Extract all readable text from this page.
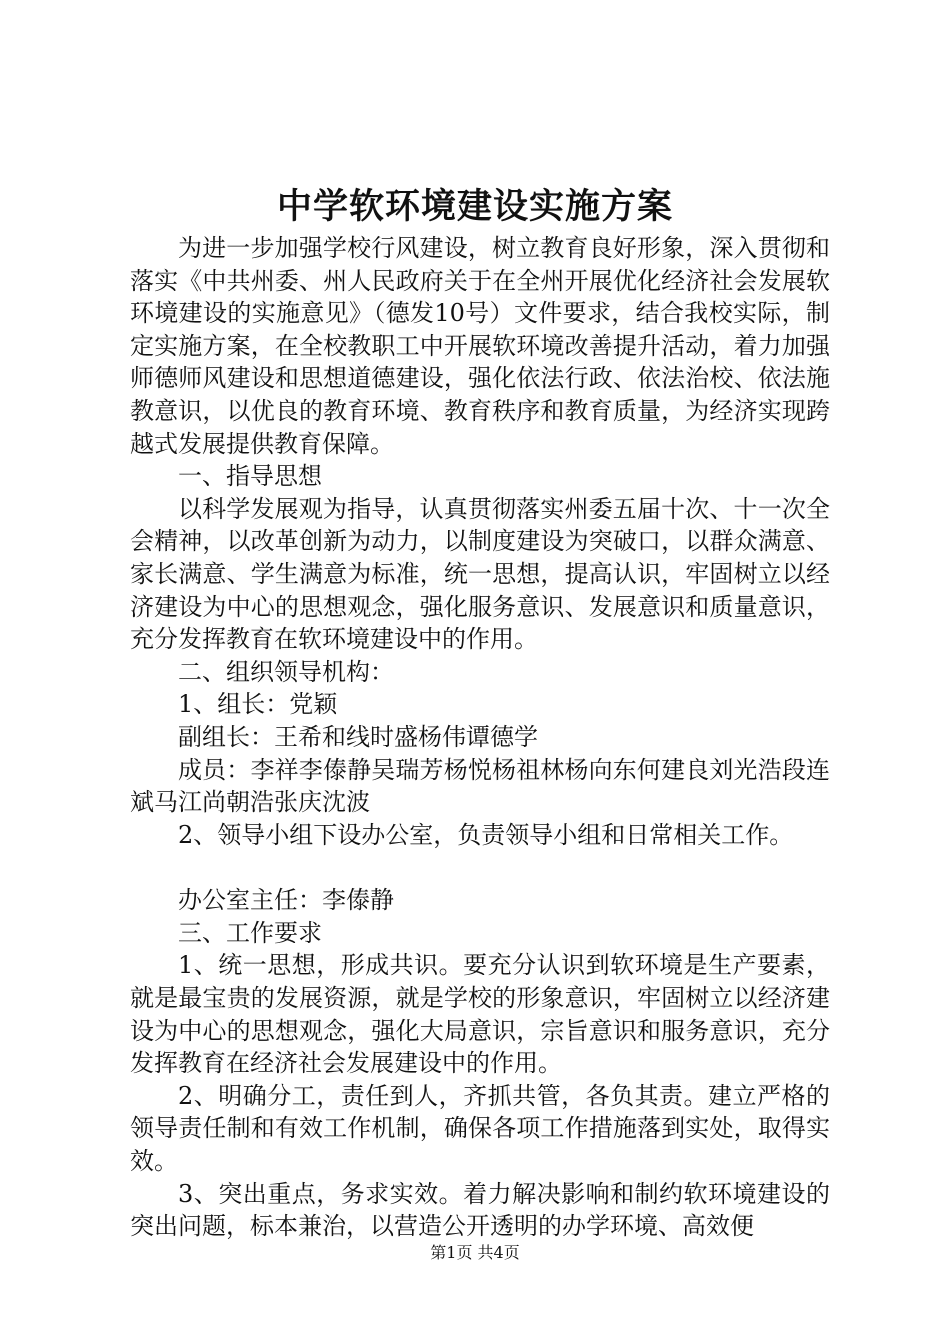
中学软环境建设实施方案

为进一步加强学校行风建设，树立教育良好形象，深入贯彻和落实《中共州委、州人民政府关于在全州开展优化经济社会发展软环境建设的实施意见》（德发10号）文件要求，结合我校实际，制定实施方案，在全校教职工中开展软环境改善提升活动，着力加强师德师风建设和思想道德建设，强化依法行政、依法治校、依法施教意识，以优良的教育环境、教育秩序和教育质量，为经济实现跨越式发展提供教育保障。

一、指导思想

以科学发展观为指导，认真贯彻落实州委五届十次、十一次全会精神，以改革创新为动力，以制度建设为突破口，以群众满意、家长满意、学生满意为标准，统一思想，提高认识，牢固树立以经济建设为中心的思想观念，强化服务意识、发展意识和质量意识，充分发挥教育在软环境建设中的作用。

二、组织领导机构：

1、组长：党颖

副组长：王希和线时盛杨伟谭德学

成员：李祥李傣静吴瑞芳杨悦杨祖林杨向东何建良刘光浩段连斌马江尚朝浩张庆沈波

2、领导小组下设办公室，负责领导小组和日常相关工作。

办公室主任：李傣静

三、工作要求

1、统一思想，形成共识。要充分认识到软环境是生产要素，就是最宝贵的发展资源，就是学校的形象意识，牢固树立以经济建设为中心的思想观念，强化大局意识，宗旨意识和服务意识，充分发挥教育在经济社会发展建设中的作用。

2、明确分工，责任到人，齐抓共管，各负其责。建立严格的领导责任制和有效工作机制，确保各项工作措施落到实处，取得实效。

3、突出重点，务求实效。着力解决影响和制约软环境建设的突出问题，标本兼治，以营造公开透明的办学环境、高效便

第1页 共4页
